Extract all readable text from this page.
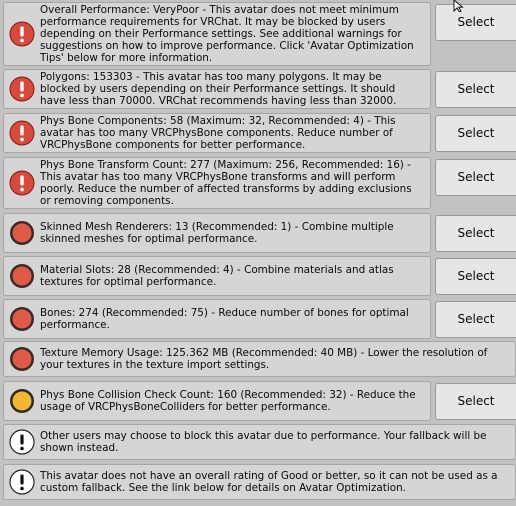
Overall Performance: VeryPoor - This avatar does not meet minimum performance requirements for VRChat. It may be blocked by users depending on their Performance settings. See additional warnings for suggestions on how to improve performance. Click 'Avatar Optimization Tips' below for more information.
Select
Polygons: 153303 - This avatar has too many polygons. It may be blocked by users depending on their Performance settings. It should have less than 70000. VRChat recommends having less than 32000.
Select
Phys Bone Components: 58 (Maximum: 32, Recommended: 4) - This avatar has too many VRCPhysBone components. Reduce number of VRCPhysBone components for better performance.
Select
Phys Bone Transform Count: 277 (Maximum: 256, Recommended: 16) - This avatar has too many VRCPhysBone transforms and will perform poorly. Reduce the number of affected transforms by adding exclusions or removing components.
Select
Skinned Mesh Renderers: 13 (Recommended: 1) - Combine multiple skinned meshes for optimal performance.	Select
Material Slots: 28 (Recommended: 4) - Combine materials and atlas textures for optimal performance.	Select
Bones: 274 (Recommended: 75) - Reduce number of bones for optimal performance.	Select
Texture Memory Usage: 125.362 MB (Recommended: 40 MB) - Lower the resolution of your textures in the texture import settings.
Phys Bone Collision Check Count: 160 (Recommended: 32) - Reduce the usage of VRCPhysBoneColliders for better performance.	Select
Other users may choose to block this avatar due to performance. Your fallback will be shown instead.
This avatar does not have an overall rating of Good or better, so it can not be used as a custom fallback. See the link below for details on Avatar Optimization.
